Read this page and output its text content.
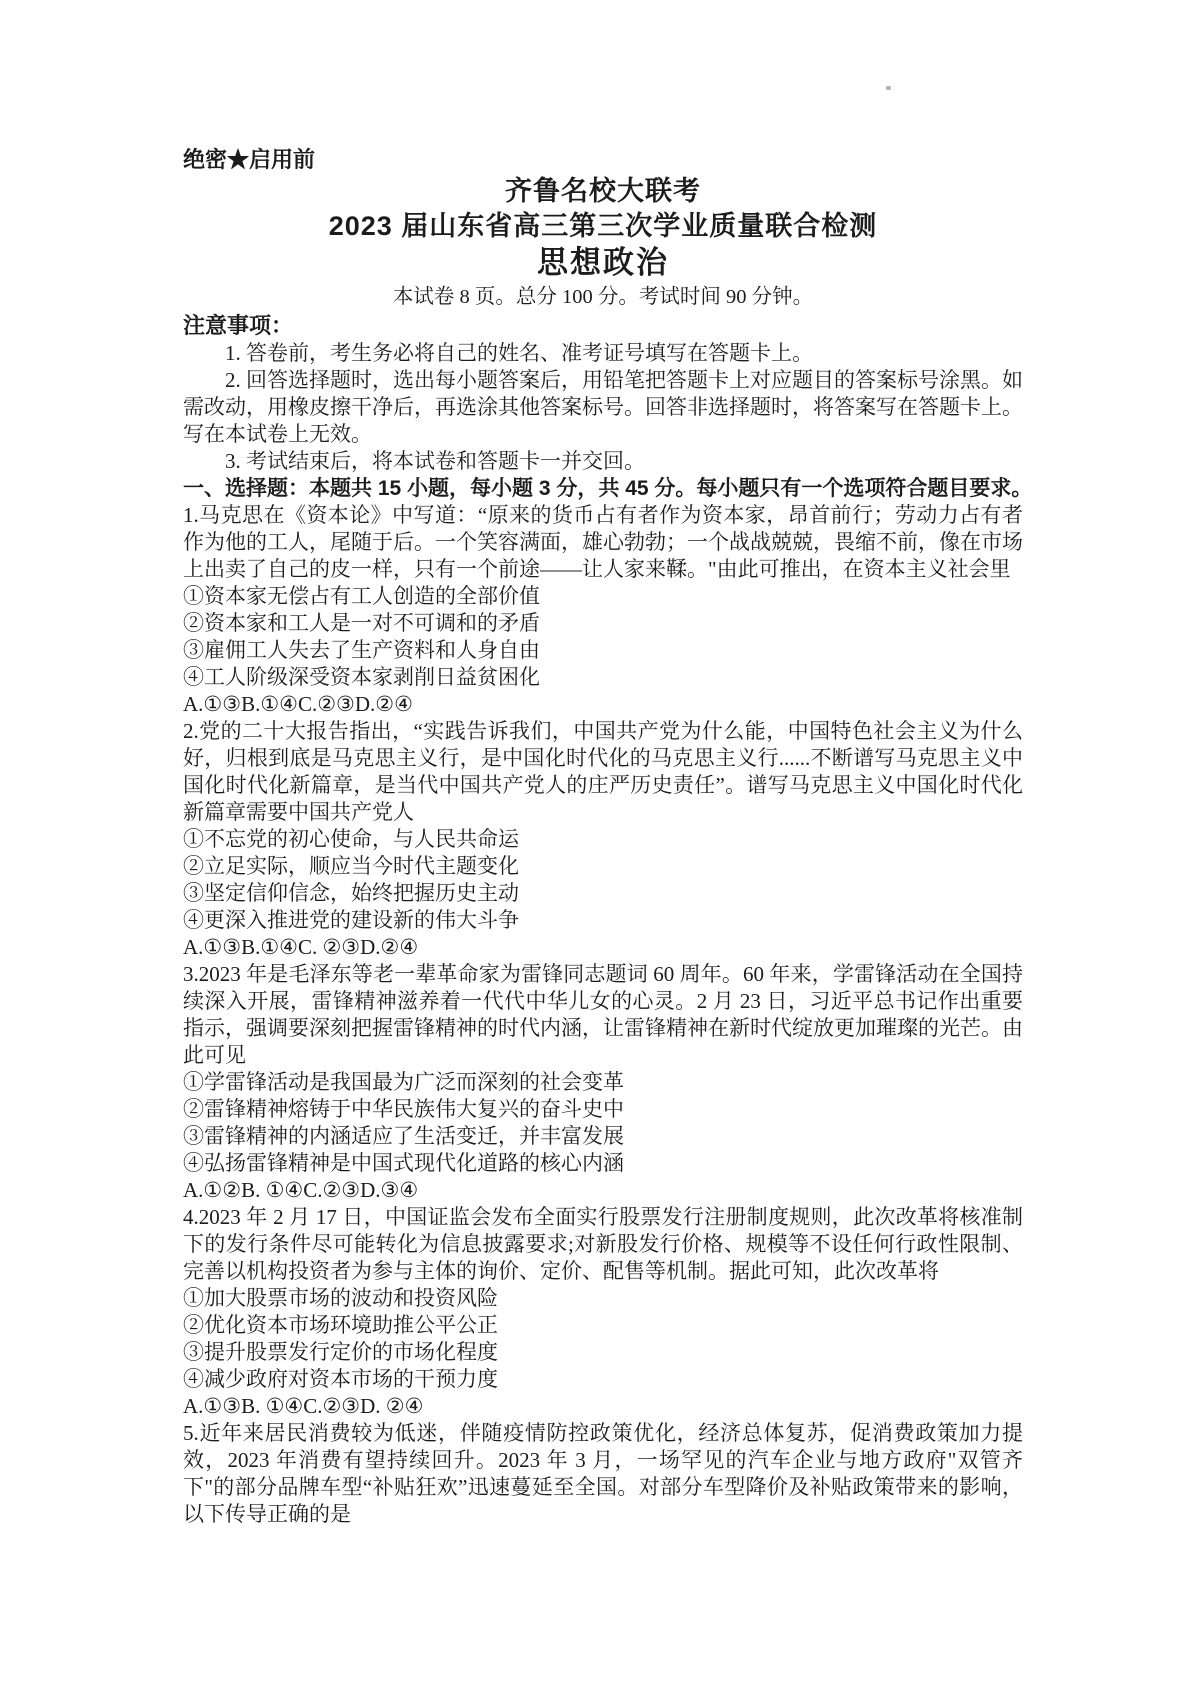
绝密★启用前
齐鲁名校大联考
2023 届山东省高三第三次学业质量联合检测
思想政治
本试卷 8 页。总分 100 分。考试时间 90 分钟。
注意事项：

1. 答卷前，考生务必将自己的姓名、准考证号填写在答题卡上。

2. 回答选择题时，选出每小题答案后，用铅笔把答题卡上对应题目的答案标号涂黑。如需改动，用橡皮擦干净后，再选涂其他答案标号。回答非选择题时，将答案写在答题卡上。写在本试卷上无效。

3. 考试结束后，将本试卷和答题卡一并交回。

一、选择题：本题共 15 小题，每小题 3 分，共 45 分。每小题只有一个选项符合题目要求。

1.马克思在《资本论》中写道：“原来的货币占有者作为资本家，昂首前行；劳动力占有者作为他的工人，尾随于后。一个笑容满面，雄心勃勃；一个战战兢兢，畏缩不前，像在市场上出卖了自己的皮一样，只有一个前途——让人家来鞣。"由此可推出，在资本主义社会里

①资本家无偿占有工人创造的全部价值

②资本家和工人是一对不可调和的矛盾

③雇佣工人失去了生产资料和人身自由

④工人阶级深受资本家剥削日益贫困化

A.①③B.①④C.②③D.②④

2.党的二十大报告指出，“实践告诉我们，中国共产党为什么能，中国特色社会主义为什么好，归根到底是马克思主义行，是中国化时代化的马克思主义行......不断谱写马克思主义中国化时代化新篇章，是当代中国共产党人的庄严历史责任”。谱写马克思主义中国化时代化新篇章需要中国共产党人

①不忘党的初心使命，与人民共命运

②立足实际，顺应当今时代主题变化

③坚定信仰信念，始终把握历史主动

④更深入推进党的建设新的伟大斗争

A.①③B.①④C. ②③D.②④

3.2023 年是毛泽东等老一辈革命家为雷锋同志题词 60 周年。60 年来，学雷锋活动在全国持续深入开展，雷锋精神滋养着一代代中华儿女的心灵。2 月 23 日，习近平总书记作出重要指示，强调要深刻把握雷锋精神的时代内涵，让雷锋精神在新时代绽放更加璀璨的光芒。由此可见

①学雷锋活动是我国最为广泛而深刻的社会变革

②雷锋精神熔铸于中华民族伟大复兴的奋斗史中

③雷锋精神的内涵适应了生活变迁，并丰富发展

④弘扬雷锋精神是中国式现代化道路的核心内涵

A.①②B. ①④C.②③D.③④

4.2023 年 2 月 17 日，中国证监会发布全面实行股票发行注册制度规则，此次改革将核准制下的发行条件尽可能转化为信息披露要求;对新股发行价格、规模等不设任何行政性限制、完善以机构投资者为参与主体的询价、定价、配售等机制。据此可知，此次改革将

①加大股票市场的波动和投资风险

②优化资本市场环境助推公平公正

③提升股票发行定价的市场化程度

④减少政府对资本市场的干预力度

A.①③B. ①④C.②③D. ②④

5.近年来居民消费较为低迷，伴随疫情防控政策优化，经济总体复苏，促消费政策加力提效，2023 年消费有望持续回升。2023 年 3 月，一场罕见的汽车企业与地方政府"双管齐下"的部分品牌车型“补贴狂欢”迅速蔓延至全国。对部分车型降价及补贴政策带来的影响，以下传导正确的是
